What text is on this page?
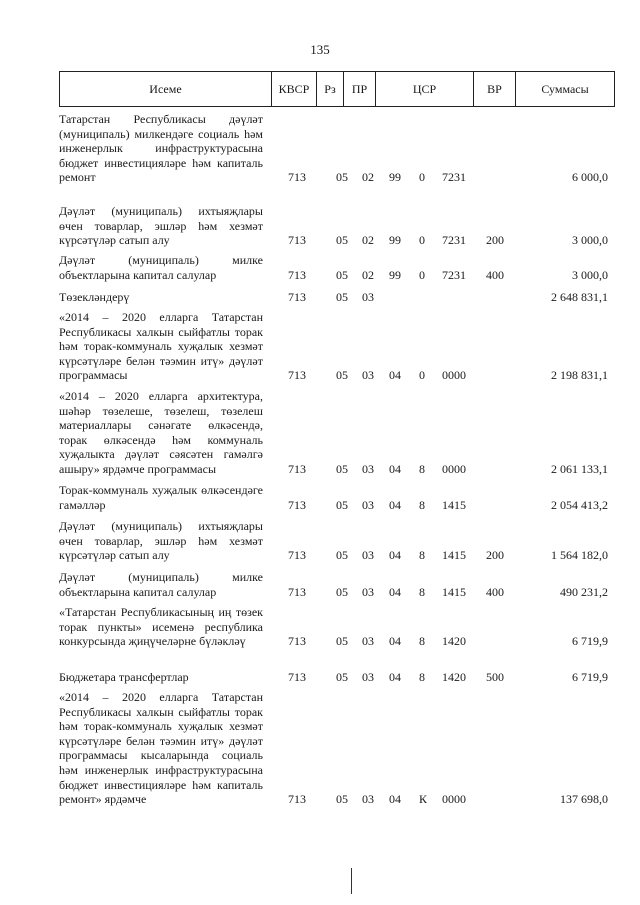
135
Исеме	КВСР	Рз	ПР	ЦСР	ВР	Суммасы
Татарстан Республикасы дәүләт (муниципаль) милкендәге социаль һәм инженерлык инфраструктурасына бюджет инвестицияләре һәм капиталь ремонт	713	05 02 99 0 7231	6 000,0
Дәүләт (муниципаль) ихтыяҗлары өчен товарлар, эшләр һәм хезмәт күрсәтүләр сатып алу	713	05 02 99 0 7231 200	3 000,0
Дәүләт (муниципаль) милке объектларына капитал салулар	713	05 02 99 0 7231 400	3 000,0
Төзекләндерү	713	05 03	2 648 831,1
«2014 – 2020 елларга Татарстан Республикасы халкын сыйфатлы торак һәм торак-коммуналь хуҗалык хезмәт күрсәтүләре белән тәэмин итү» дәүләт программасы	713	05 03 04 0 0000	2 198 831,1
«2014 – 2020 елларга архитектура, шәһәр төзелеше, төзелеш, төзелеш материаллары сәнәгате өлкәсендә, торак өлкәсендә һәм коммуналь хуҗалыкта дәүләт сәясәтен гамәлгә ашыру» ярдәмче программасы	713	05 03 04 8 0000	2 061 133,1
Торак-коммуналь хуҗалык өлкәсендәге гамәлләр	713	05 03 04 8 1415	2 054 413,2
Дәүләт (муниципаль) ихтыяҗлары өчен товарлар, эшләр һәм хезмәт күрсәтүләр сатып алу	713	05 03 04 8 1415 200	1 564 182,0
Дәүләт (муниципаль) милке объектларына капитал салулар	713	05 03 04 8 1415 400	490 231,2
«Татарстан Республикасының иң төзек торак пункты» исеменә республика конкурсында җиңүчеләрне бүләкләү	713	05 03 04 8 1420	6 719,9
Бюджетара трансфертлар	713	05 03 04 8 1420 500	6 719,9
«2014 – 2020 елларга Татарстан Республикасы халкын сыйфатлы торак һәм торак-коммуналь хуҗалык хезмәт күрсәтүләре белән тәэмин итү» дәүләт программасы кысаларында социаль һәм инженерлык инфраструктурасына бюджет инвестицияләре һәм капиталь ремонт» ярдәмче	713	05 03 04 К 0000	137 698,0
